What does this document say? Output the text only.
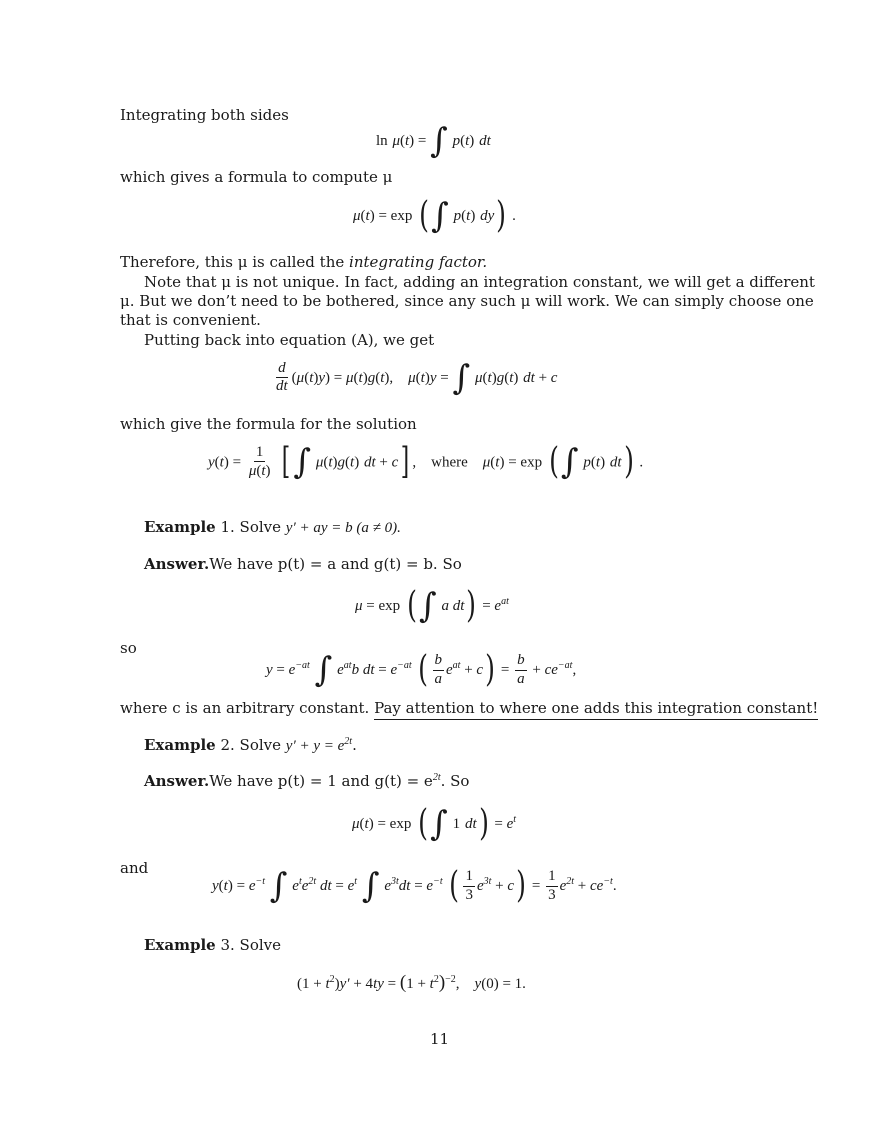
Integrating both sides
ln μ(t) = ∫ p(t) dt
which gives a formula to compute μ
μ(t) = exp (∫ p(t) dy) .
Therefore, this μ is called the integrating factor.
Note that μ is not unique. In fact, adding an integration constant, we will get a different
μ. But we don’t need to be bothered, since any such μ will work. We can simply choose one
that is convenient.
Putting back into equation (A), we get
$\frac{d}{dt} (\mu(t)y) = \mu(t)g(t)$,    μ(t)y = ∫ μ(t)g(t) dt + c
which give the formula for the solution
$y(t) = \frac{1}{\mu(t)}$ [∫ μ(t)g(t) dt + c] ,    where μ(t) = exp (∫ p(t) dt) .
Example 1. Solve y′ + ay = b (a ≠ 0).
Answer.We have p(t) = a and g(t) = b. So
μ = exp (∫ a $dt) = e^{at}$
so
$y = e^{-at}$ ∫ $e^{at}b$ dt = $e^{-at}$ ( $\frac{b}{a} e^{at} + c) = \frac{b}{a} + ce^{-at}$,
where c is an arbitrary constant. Pay attention to where one adds this integration constant!
Example 2. Solve $y' + y = e^{2t}$.
Answer.We have p(t) = 1 and $g(t) = e^{2t}$. So
μ(t) = exp (∫ 1 $dt) = e^t$
and
$y(t) = e^{-t}$ ∫ $e^te^{2t}$ dt = $e^t$ ∫ $e^{3t}dt = e^{-t}$ ( $\frac{1}{3} e^{3t} + c) = \frac{1}{3} e^{2t} + ce^{-t}$.
Example 3. Solve
$(1 + t^2)y' + 4ty = (1 + t^2)^{-2}$,    y(0) = 1.
11
